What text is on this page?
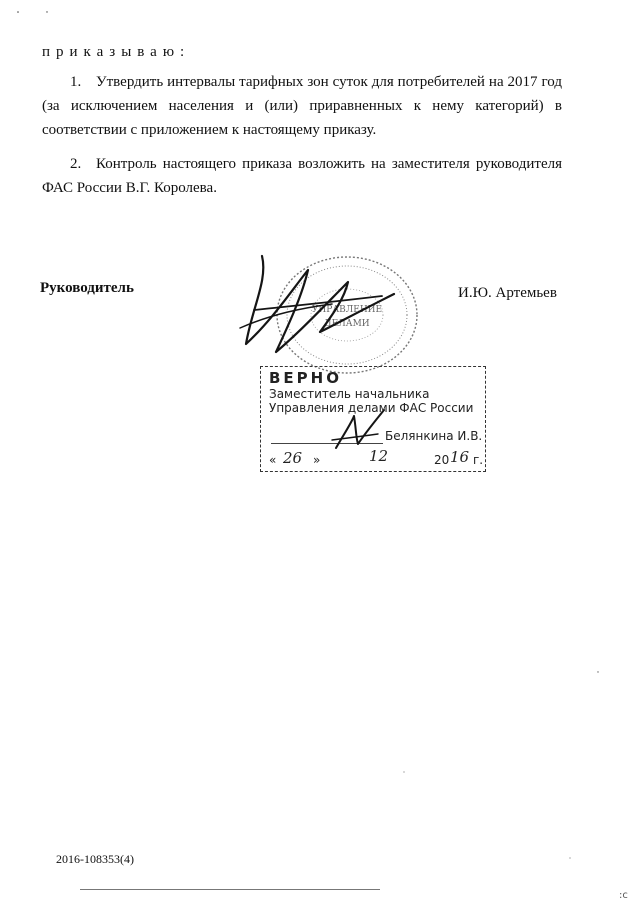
:c
приказываю:
1. Утвердить интервалы тарифных зон суток для потребителей на 2017 год (за исключением населения и (или) приравненных к нему категорий) в соответствии с приложением к настоящему приказу.
2. Контроль настоящего приказа возложить на заместителя руководителя ФАС России В.Г. Королева.
Руководитель	И.Ю. Артемьев
УПРАВЛЕНИЕ
ДЕЛАМИ
ВЕРНО
Заместитель начальника
Управления делами ФАС России
Белянкина И.В.
« 26 »	12	20 16 г.
2016-108353(4)
